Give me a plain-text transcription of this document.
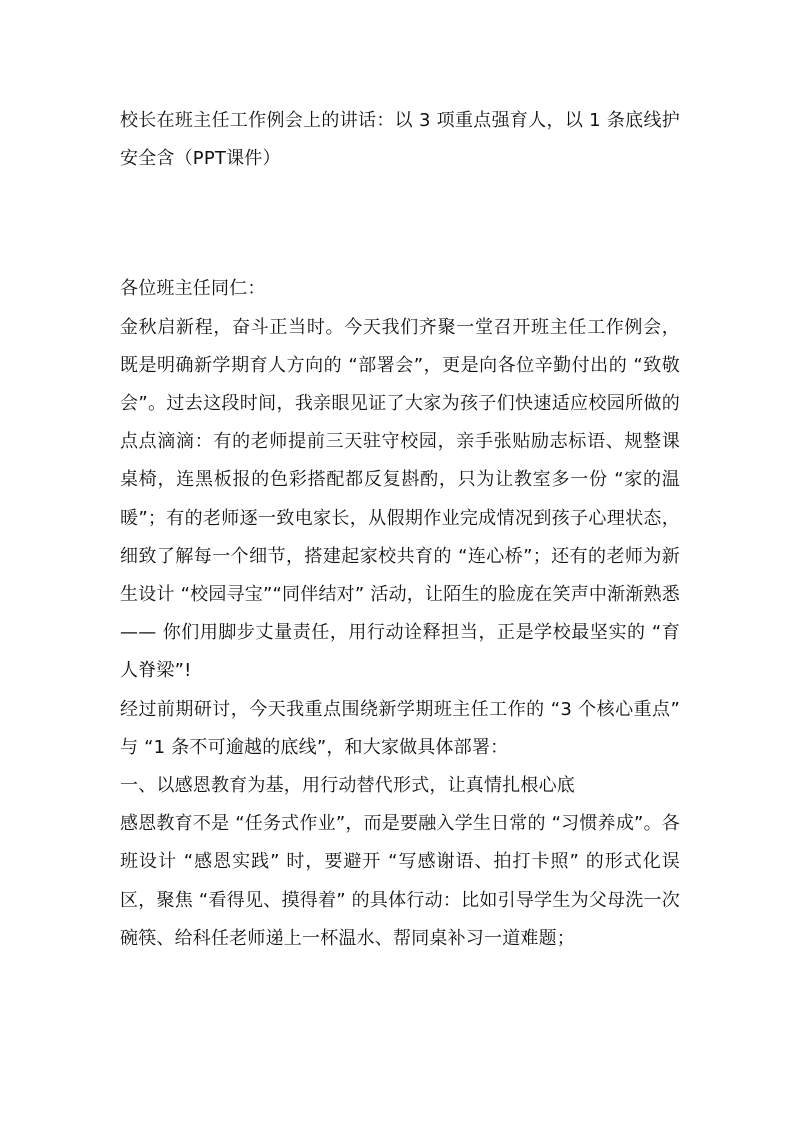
校长在班主任工作例会上的讲话：以 3 项重点强育人，以 1 条底线护安全含（PPT课件）

各位班主任同仁：

金秋启新程，奋斗正当时。今天我们齐聚一堂召开班主任工作例会，既是明确新学期育人方向的 “部署会”，更是向各位辛勤付出的 “致敬会”。过去这段时间，我亲眼见证了大家为孩子们快速适应校园所做的点点滴滴：有的老师提前三天驻守校园，亲手张贴励志标语、规整课桌椅，连黑板报的色彩搭配都反复斟酌，只为让教室多一份 “家的温暖”；有的老师逐一致电家长，从假期作业完成情况到孩子心理状态，细致了解每一个细节，搭建起家校共育的 “连心桥”；还有的老师为新生设计 “校园寻宝”“同伴结对” 活动，让陌生的脸庞在笑声中渐渐熟悉 —— 你们用脚步丈量责任，用行动诠释担当，正是学校最坚实的 “育人脊梁”!

经过前期研讨，今天我重点围绕新学期班主任工作的 “3 个核心重点” 与 “1 条不可逾越的底线”，和大家做具体部署：

一、以感恩教育为基，用行动替代形式，让真情扎根心底

感恩教育不是 “任务式作业”，而是要融入学生日常的 “习惯养成”。各班设计 “感恩实践” 时，要避开 “写感谢语、拍打卡照” 的形式化误区，聚焦 “看得见、摸得着” 的具体行动：比如引导学生为父母洗一次碗筷、给科任老师递上一杯温水、帮同桌补习一道难题；
